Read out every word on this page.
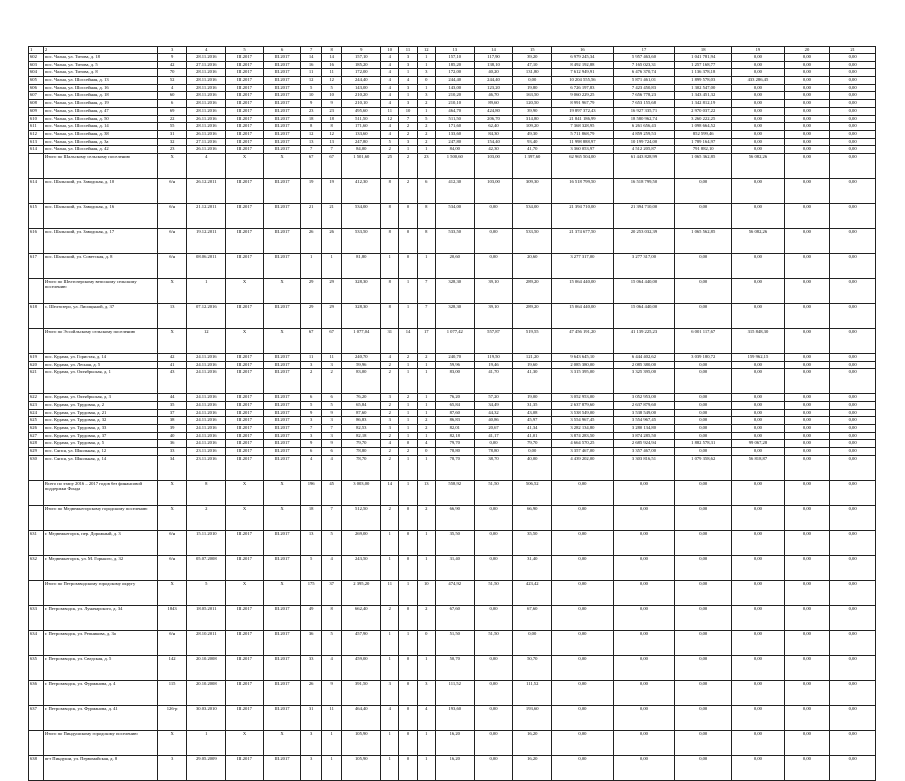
1	2	3	4	5	6	7	8	9	10	11	12	13	14	15	16	17	18	19	20	21
602	пос. Чална, ул. Титова, д. 18	9	28.11.2016	III.2017	III.2017	14	14	157,10	4	3	1	157,10	117,90	39,20	6 979 245,34	5 957 463,60	1 041 781,94	0,00	0,00	0,00
603	пос. Чална, ул. Титова, д. 5	42	27.11.2016	III.2017	III.2017	16	16	185,20	4	3	1	185,20	138,10	47,10	8 492 192,88	7 165 023,31	1 257 168,77	0,00	0,00	0,00
604	пос. Чална, ул. Титова, д. 8	70	28.11.2016	III.2017	III.2017	11	11	172,00	4	1	3	172,00	40,20	131,80	7 612 949,91	6 476 370,74	1 136 378,18	0,00	0,00	0,00
605	пос. Чална, ул. Шоссейная, д. 13	52	28.11.2016	III.2017	III.2017	12	12	244,40	4	4	0	244,40	244,40	0,00	10 204 555,56	5 871 461,01	1 899 578,03	433 286,45	0,00	0,00
606	пос. Чална, ул. Шоссейная, д. 16	4	28.11.2016	III.2017	III.2017	5	5	143,00	4	3	1	143,00	123,20	19,80	6 726 197,83	7 423 450,83	1 302 547,00	0,00	0,00	0,00
607	пос. Чална, ул. Шоссейная, д. 18	60	28.11.2016	III.2017	III.2017	10	10	210,20	4	1	3	210,20	46,70	163,50	9 060 229,25	7 656 778,23	1 343 451,32	0,00	0,00	0,00
608	пос. Чална, ул. Шоссейная, д. 19	6	28.11.2016	III.2017	III.2017	9	9	210,10	4	3	2	210,10	89,60	120,50	8 991 967,79	7 653 155,68	1 342 812,19	0,00	0,00	0,00
609	пос. Чална, ул. Шоссейная, д. 47	69	28.11.2016	III.2017	III.2017	23	23	495,60	11	10	1	464,70	424,80	39,90	19 897 372,43	16 927 335,71	2 970 037,22	0,00	0,00	0,00
610	пос. Чална, ул. Шоссейная, д. 50	22	26.11.2016	III.2017	III.2017	18	18	511,50	12	7	5	511,50	206,70	314,80	21 841 186,99	18 580 962,74	3 260 222,25	0,00	0,00	0,00
611	пос. Чална, ул. Шоссейная, д. 14	55	28.11.2016	III.2017	III.2017	8	8	171,60	4	2	2	171,60	62,40	109,20	7 368 328,95	6 261 656,43	1 098 664,52	0,00	0,00	0,00
612	пос. Чална, ул. Шоссейная, д. 38	31	26.11.2016	III.2017	III.2017	12	12	133,60	4	2	2	133,60	84,30	49,30	5 711 868,79	4 859 259,53	852 599,46	0,00	0,00	0,00
613	пос. Чална, ул. Шоссейная, д. 3а	32	27.11.2016	III.2017	III.2017	13	13	247,80	5	3	2	247,80	154,40	93,40	11 998 888,97	10 199 724,00	1 789 164,97	0,00	0,00	0,00
614	пос. Чална, ул. Шоссейная, д. 42	23	26.11.2016	III.2017	III.2017	7	7	84,00	2	1	1	84,00	42,30	41,70	3 360 053,97	4 512 205,87	791 882,10	0,00	0,00	0,00
	Итого по Шальскому сельскому поселению	X	4	X	X	67	67	1 501,60	25	2	23	1 500,60	103,00	1 397,60	62 965 504,00	61 443 828,99	1 065 362,85	56 082,26	0,00	0,00
614	пос. Шальский, ул. Заводская, д. 10	б/н	26.12.2011	III.2017	III.2017	19	19	412,30	8	2	6	412,30	103,00	309,30	16 518 799,50	16 518 799,50	0,00	0,00	0,00	0,00
615	пос. Шальский, ул. Заводская, д. 16	б/н	21.12.2011	III.2017	III.2017	21	21	534,00	8	0	8	534,00	0,00	534,00	21 394 710,00	21 394 710,00	0,00	0,00	0,00	0,00
616	пос. Шальский, ул. Заводская, д. 17	б/н	19.12.2011	III.2017	III.2017	26	26	533,50	8	0	8	533,50	0,00	533,50	21 374 677,50	20 253 032,39	1 065 562,85	56 082,26	0,00	0,00
617	пос. Шальский, ул. Советская, д. 8	б/н	08.06.2011	III.2017	III.2017	1	1	81,80	1	0	1	20,60	0,00	20,60	3 277 317,00	3 277 317,00	0,00	0,00	0,00	0,00
	Итого по Шелтозерскому вепсскому сельскому поселению	X	1	X	X	29	29	328,30	8	1	7	328,30	39,10	289,20	15 064 440,00	15 064 440,00	0,00	0,00	0,00	0,00
618	с. Шелтозеро, ул. Лисицыной, д. 37	13	07.12.2016	III.2017	III.2017	29	29	328,30	8	1	7	328,30	39,10	289,20	15 064 440,00	15 064 440,00	0,00	0,00	0,00	0,00
	Итого по Эссойльскому сельскому поселению	X	12	X	X	67	67	1 077,04	31	14	17	1 077,42	557,87	519,55	47 456 191,20	41 139 225,23	6 001 117,67	315 848,30	0,00	0,00
619	пос. Кудама, ул. Гористая, д. 14	42	24.11.2016	III.2017	III.2017	11	11	240,70	4	2	2	240,70	119,50	121,20	9 643 645,10	6 444 402,62	3 039 180,72	159 962,15	0,00	0,00
620	пос. Кудама, ул. Лесная, д. 5	41	24.11.2016	III.2017	III.2017	3	3	59,96	2	1	1	59,96	19,46	19,60	2 085 380,00	2 085 380,00	0,00	0,00	0,00	0,00
621	пос. Кудама, ул. Октябрьская, д. 1	43	24.11.2016	III.2017	III.2017	2	2	83,00	2	1	1	83,00	41,70	41,30	3 315 395,00	3 325 395,00	0,00	0,00	0,00	0,00
622	пос. Кудама, ул. Октябрьская, д. 3	44	24.11.2016	III.2017	III.2017	6	6	76,20	3	2	1	76,20	57,20	19,00	3 052 953,00	3 052 953,00	0,00	0,00	0,00	0,00
623	пос. Кудама, ул. Трудовая, д. 2	35	24.11.2016	III.2017	III.2017	5	5	65,84	2	1	1	65,84	34,49	31,35	2 637 879,60	2 637 879,60	0,00	0,00	0,00	0,00
624	пос. Кудама, ул. Трудовая, д. 21	37	24.11.2016	III.2017	III.2017	9	9	87,60	2	1	1	87,60	44,32	43,08	3 538 549,00	3 538 549,00	0,00	0,00	0,00	0,00
625	пос. Кудама, ул. Трудовая, д. 32	38	24.11.2016	III.2017	III.2017	3	3	86,83	3	1	2	86,83	40,86	45,97	3 554 967,45	3 554 967,45	0,00	0,00	0,00	0,00
626	пос. Кудама, ул. Трудовая, д. 33	39	24.11.2016	III.2017	III.2017	7	7	82,53	3	1	2	82,01	20,67	41,34	3 282 134,80	3 280 134,80	0,00	0,00	0,00	0,00
627	пос. Кудама, ул. Трудовая, д. 37	40	24.11.2016	III.2017	III.2017	3	3	82,18	2	1	1	82,18	41,17	41,01	3 874 283,50	3 874 285,50	0,00	0,00	0,00	0,00
628	пос. Кудама, ул. Трудовая, д. 5	36	24.11.2016	III.2017	III.2017	9	9	79,70	4	0	4	79,70	0,00	79,70	4 664 570,25	2 685 924,94	1 882 578,31	99 067,28	0,00	0,00
629	пос. Сяпся, ул. Школьная, д. 12	33	23.11.2016	III.2017	III.2017	6	6	78,80	2	2	0	78,80	78,80	0,00	3 357 467,00	3 357 467,00	0,00	0,00	0,00	0,00
630	пос. Сяпся, ул. Школьная, д. 14	34	23.11.2016	III.2017	III.2017	4	4	78,70	2	1	1	78,70	38,70	40,00	4 439 202,00	3 303 816,51	1 079 358,62	56 818,87	0,00	0,00
	Всего по этапу 2016 – 2017 годов без финансовой поддержки Фонда	X	8	X	X	196	45	3 003,00	14	1	13	558,92	51,50	506,52	0,00	0,00	0,00	0,00	0,00	0,00
	Итого по Медвежьегорскому городскому поселению	X	2	X	X	18	7	512,50	2	0	2	66,90	0,00	66,90	0,00	0,00	0,00	0,00	0,00	0,00
631	г. Медвежьегорск, пер. Дорожный, д. 3	б/н	15.11.2010	III.2017	III.2017	13	5	269,00	1	0	1	35,50	0,00	35,50	0,00	0,00	0,00	0,00	0,00	0,00
632	г. Медвежьегорск, ул. М. Горького, д. 32	б/н	05.07.2008	III.2017	III.2017	5	4	243,50	1	0	1	31,40	0,00	31,40	0,00	0,00	0,00	0,00	0,00	0,00
	Итого по Петрозаводскому городскому округу	X	5	X	X	175	37	2 395,20	11	1	10	474,92	51,50	423,42	0,00	0,00	0,00	0,00	0,00	0,00
633	г. Петрозаводск, ул. Луначарского, д. 34	1843	18.05.2011	III.2017	III.2017	49	8	662,40	2	0	2	67,60	0,00	67,60	0,00	0,00	0,00	0,00	0,00	0,00
634	г. Петрозаводск, ул. Репникова, д. 3а	б/н	28.10.2011	III.2017	III.2017	36	5	457,90	1	1	0	51,50	51,50	0,00	0,00	0,00	0,00	0,00	0,00	0,00
635	г. Петрозаводск, ул. Сведская, д. 5	142	20.10.2008	III.2017	III.2017	33	4	459,00	1	0	1	50,70	0,00	50,70	0,00	0,00	0,00	0,00	0,00	0,00
636	г. Петрозаводск, ул. Фурманова, д. 4	115	20.10.2008	III.2017	III.2017	26	9	391,50	3	0	3	111,52	0,00	111,52	0,00	0,00	0,00	0,00	0,00	0,00
637	г. Петрозаводск, ул. Фурманова, д. 41	126-р	30.03.2010	III.2017	III.2017	31	11	464,40	4	0	4	193,60	0,00	193,60	0,00	0,00	0,00	0,00	0,00	0,00
	Итого по Пиндушскому городскому поселению	X	1	X	X	3	1	105,90	1	0	1	16,20	0,00	16,20	0,00	0,00	0,00	0,00	0,00	0,00
638	пгт Пиндуши, ул. Первомайская, д. 8	3	29.05.2009	III.2017	III.2017	3	1	105,90	1	0	1	16,20	0,00	16,20	0,00	0,00	0,00	0,00	0,00	0,00
